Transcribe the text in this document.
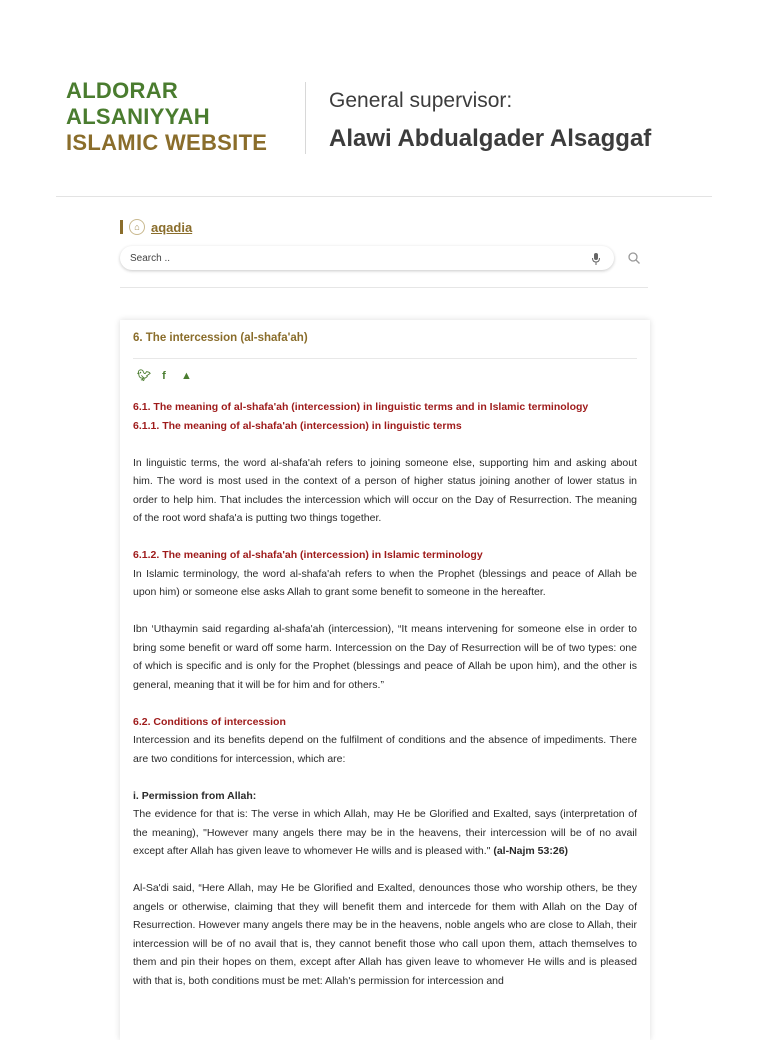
ALDORAR
ALSANIYYAH
ISLAMIC WEBSITE
General supervisor:
Alawi Abdualgader Alsaggaf
⌂ aqadia
Search ..
6. The intercession (al-shafa'ah)
🐦︎ f ▲

6.1. The meaning of al-shafa'ah (intercession) in linguistic terms and in Islamic terminology

6.1.1. The meaning of al-shafa'ah (intercession) in linguistic terms

In linguistic terms, the word al-shafa'ah refers to joining someone else, supporting him and asking about him. The word is most used in the context of a person of higher status joining another of lower status in order to help him. That includes the intercession which will occur on the Day of Resurrection. The meaning of the root word shafa'a is putting two things together.

6.1.2. The meaning of al-shafa'ah (intercession) in Islamic terminology

In Islamic terminology, the word al-shafa'ah refers to when the Prophet (blessings and peace of Allah be upon him) or someone else asks Allah to grant some benefit to someone in the hereafter.

Ibn ‘Uthaymin said regarding al-shafa'ah (intercession), “It means intervening for someone else in order to bring some benefit or ward off some harm. Intercession on the Day of Resurrection will be of two types: one of which is specific and is only for the Prophet (blessings and peace of Allah be upon him), and the other is general, meaning that it will be for him and for others.”

6.2. Conditions of intercession

Intercession and its benefits depend on the fulfilment of conditions and the absence of impediments. There are two conditions for intercession, which are:

i. Permission from Allah:

The evidence for that is: The verse in which Allah, may He be Glorified and Exalted, says (interpretation of the meaning), "However many angels there may be in the heavens, their intercession will be of no avail except after Allah has given leave to whomever He wills and is pleased with." (al-Najm 53:26)

Al-Sa'di said, “Here Allah, may He be Glorified and Exalted, denounces those who worship others, be they angels or otherwise, claiming that they will benefit them and intercede for them with Allah on the Day of Resurrection. However many angels there may be in the heavens, noble angels who are close to Allah, their intercession will be of no avail that is, they cannot benefit those who call upon them, attach themselves to them and pin their hopes on them, except after Allah has given leave to whomever He wills and is pleased with that is, both conditions must be met: Allah's permission for intercession and
